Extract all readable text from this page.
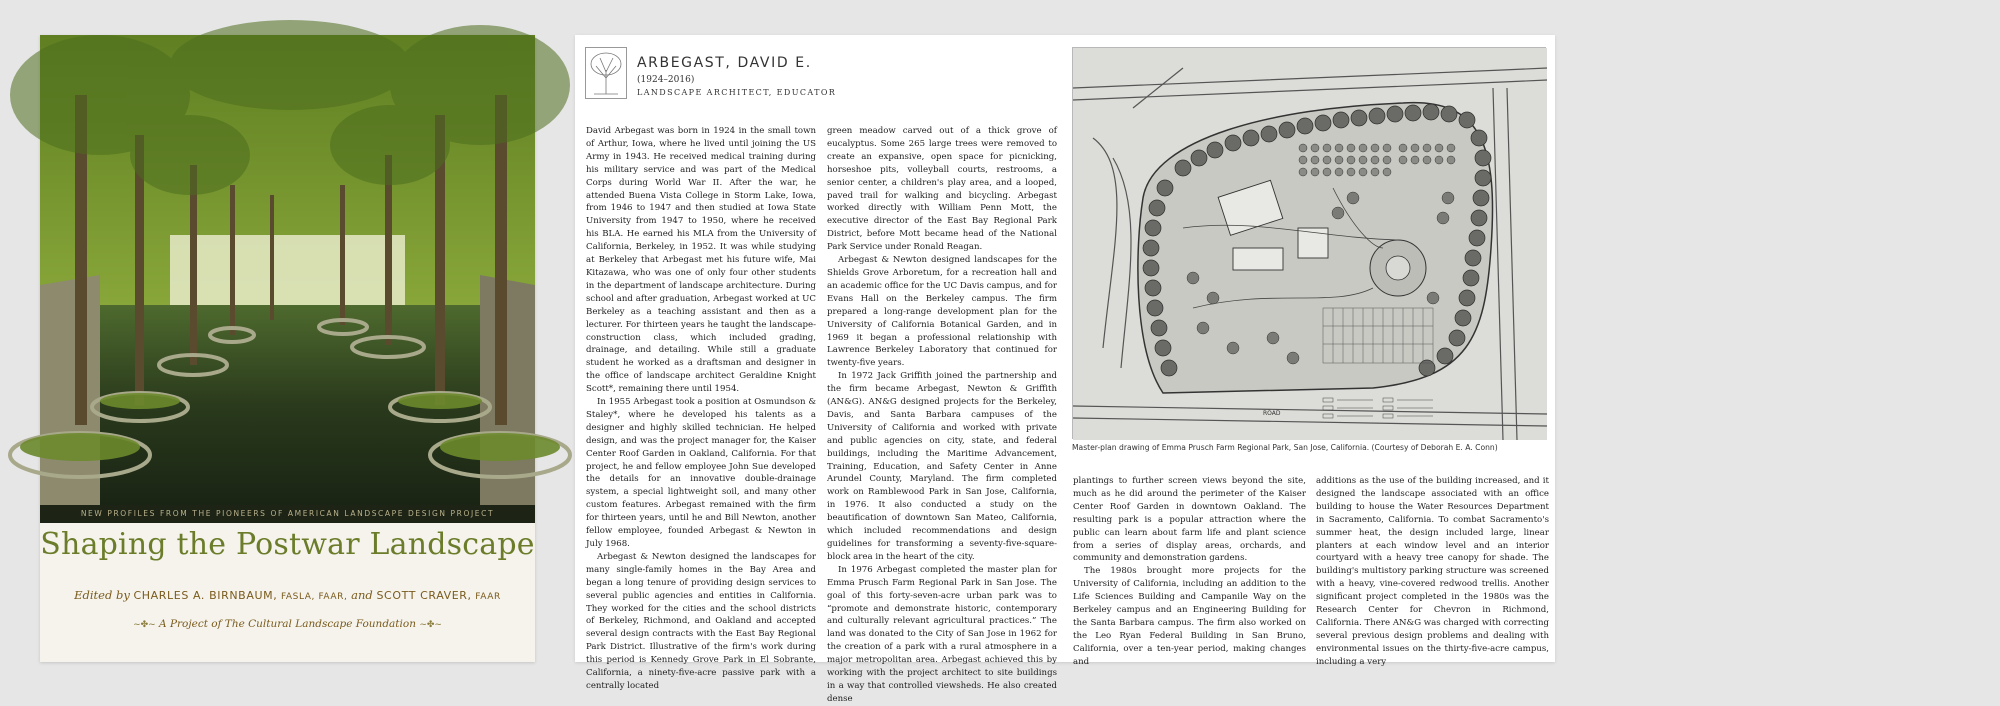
NEW PROFILES FROM THE PIONEERS OF AMERICAN LANDSCAPE DESIGN PROJECT
Shaping the Postwar Landscape
Edited by CHARLES A. BIRNBAUM, FASLA, FAAR, and SCOTT CRAVER, FAAR
~✤~ A Project of The Cultural Landscape Foundation ~✤~
ARBEGAST, DAVID E.
(1924–2016)
LANDSCAPE ARCHITECT, EDUCATOR

David Arbegast was born in 1924 in the small town of Arthur, Iowa, where he lived until joining the US Army in 1943. He received medical training during his military service and was part of the Medical Corps during World War II. After the war, he attended Buena Vista College in Storm Lake, Iowa, from 1946 to 1947 and then studied at Iowa State University from 1947 to 1950, where he received his BLA. He earned his MLA from the University of California, Berkeley, in 1952. It was while studying at Berkeley that Arbegast met his future wife, Mai Kitazawa, who was one of only four other students in the department of landscape architecture. During school and after graduation, Arbegast worked at UC Berkeley as a teaching assistant and then as a lecturer. For thirteen years he taught the landscape-construction class, which included grading, drainage, and detailing. While still a graduate student he worked as a draftsman and designer in the office of landscape architect Geraldine Knight Scott*, remaining there until 1954.

In 1955 Arbegast took a position at Osmundson & Staley*, where he developed his talents as a designer and highly skilled technician. He helped design, and was the project manager for, the Kaiser Center Roof Garden in Oakland, California. For that project, he and fellow employee John Sue developed the details for an innovative double-drainage system, a special lightweight soil, and many other custom features. Arbegast remained with the firm for thirteen years, until he and Bill Newton, another fellow employee, founded Arbegast & Newton in July 1968.

Arbegast & Newton designed the landscapes for many single-family homes in the Bay Area and began a long tenure of providing design services to several public agencies and entities in California. They worked for the cities and the school districts of Berkeley, Richmond, and Oakland and accepted several design contracts with the East Bay Regional Park District. Illustrative of the firm's work during this period is Kennedy Grove Park in El Sobrante, California, a ninety-five-acre passive park with a centrally located

green meadow carved out of a thick grove of eucalyptus. Some 265 large trees were removed to create an expansive, open space for picnicking, horseshoe pits, volleyball courts, restrooms, a senior center, a children's play area, and a looped, paved trail for walking and bicycling. Arbegast worked directly with William Penn Mott, the executive director of the East Bay Regional Park District, before Mott became head of the National Park Service under Ronald Reagan.

Arbegast & Newton designed landscapes for the Shields Grove Arboretum, for a recreation hall and an academic office for the UC Davis campus, and for Evans Hall on the Berkeley campus. The firm prepared a long-range development plan for the University of California Botanical Garden, and in 1969 it began a professional relationship with Lawrence Berkeley Laboratory that continued for twenty-five years.

In 1972 Jack Griffith joined the partnership and the firm became Arbegast, Newton & Griffith (AN&G). AN&G designed projects for the Berkeley, Davis, and Santa Barbara campuses of the University of California and worked with private and public agencies on city, state, and federal buildings, including the Maritime Advancement, Training, Education, and Safety Center in Anne Arundel County, Maryland. The firm completed work on Ramblewood Park in San Jose, California, in 1976. It also conducted a study on the beautification of downtown San Mateo, California, which included recommendations and design guidelines for transforming a seventy-five-square-block area in the heart of the city.

In 1976 Arbegast completed the master plan for Emma Prusch Farm Regional Park in San Jose. The goal of this forty-seven-acre urban park was to “promote and demonstrate historic, contemporary and culturally relevant agricultural practices.” The land was donated to the City of San Jose in 1962 for the creation of a park with a rural atmosphere in a major metropolitan area. Arbegast achieved this by working with the project architect to site buildings in a way that controlled viewsheds. He also created dense

ROAD
Master-plan drawing of Emma Prusch Farm Regional Park, San Jose, California. (Courtesy of Deborah E. A. Conn)

plantings to further screen views beyond the site, much as he did around the perimeter of the Kaiser Center Roof Garden in downtown Oakland. The resulting park is a popular attraction where the public can learn about farm life and plant science from a series of display areas, orchards, and community and demonstration gardens.

The 1980s brought more projects for the University of California, including an addition to the Life Sciences Building and Campanile Way on the Berkeley campus and an Engineering Building for the Santa Barbara campus. The firm also worked on the Leo Ryan Federal Building in San Bruno, California, over a ten-year period, making changes and

additions as the use of the building increased, and it designed the landscape associated with an office building to house the Water Resources Department in Sacramento, California. To combat Sacramento's summer heat, the design included large, linear planters at each window level and an interior courtyard with a heavy tree canopy for shade. The building's multistory parking structure was screened with a heavy, vine-covered redwood trellis. Another significant project completed in the 1980s was the Research Center for Chevron in Richmond, California. There AN&G was charged with correcting several previous design problems and dealing with environmental issues on the thirty-five-acre campus, including a very
